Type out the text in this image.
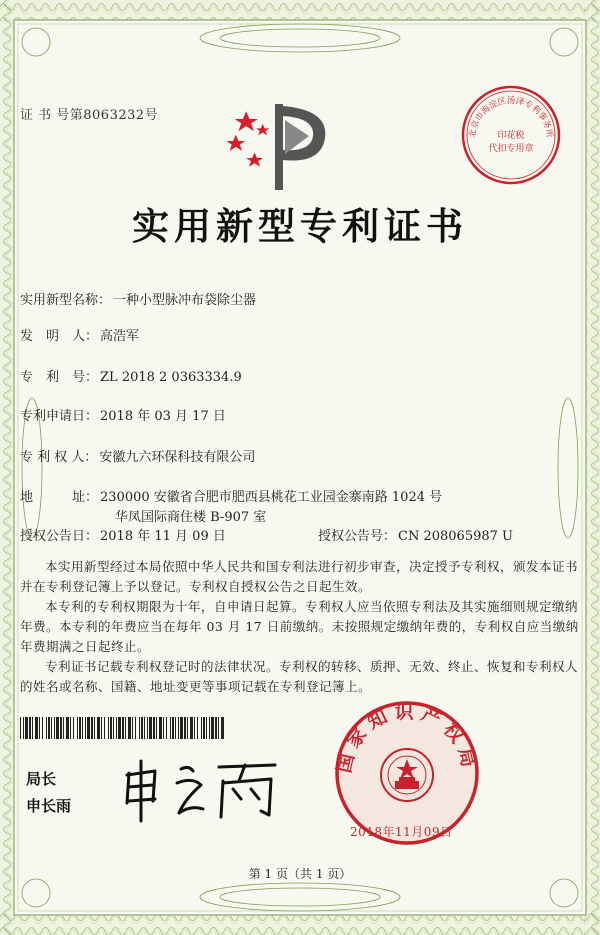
证 书 号第8063232号
北京市海淀区汤泽专利事务所
印花税
代扣专用章
实用新型专利证书
实用新型名称： 一种小型脉冲布袋除尘器
发　明　人： 高浩军
专　利　号： ZL 2018 2 0363334.9
专利申请日： 2018 年 03 月 17 日
专 利 权 人： 安徽九六环保科技有限公司
地　　　址： 230000 安徽省合肥市肥西县桃花工业园金寨南路 1024 号
华凤国际商住楼 B-907 室
授权公告日： 2018 年 11 月 09 日	授权公告号： CN 208065987 U
本实用新型经过本局依照中华人民共和国专利法进行初步审查，决定授予专利权，颁发本证书并在专利登记簿上予以登记。专利权自授权公告之日起生效。
本专利的专利权期限为十年，自申请日起算。专利权人应当依照专利法及其实施细则规定缴纳年费。本专利的年费应当在每年 03 月 17 日前缴纳。未按照规定缴纳年费的，专利权自应当缴纳年费期满之日起终止。
专利证书记载专利权登记时的法律状况。专利权的转移、质押、无效、终止、恢复和专利权人的姓名或名称、国籍、地址变更等事项记载在专利登记簿上。
局长
申长雨
国家知识产权局
2018年11月09日
第 1 页（共 1 页）
